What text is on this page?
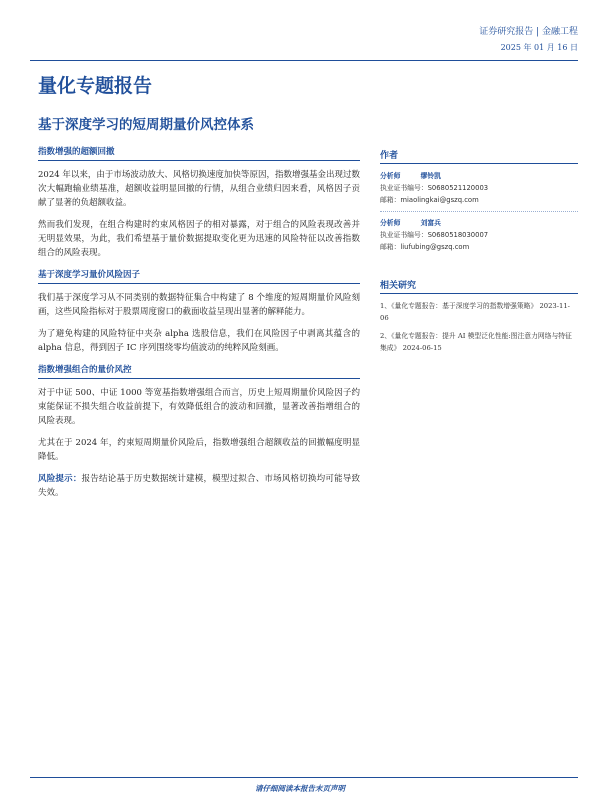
证券研究报告 | 金融工程
2025 年 01 月 16 日
量化专题报告
基于深度学习的短周期量价风控体系
指数增强的超额回撤

2024 年以来，由于市场波动放大、风格切换速度加快等原因，指数增强基金出现过数次大幅跑输业绩基准，超额收益明显回撤的行情，从组合业绩归因来看，风格因子贡献了显著的负超额收益。

然而我们发现，在组合构建时约束风格因子的相对暴露，对于组合的风险表现改善并无明显效果，为此，我们希望基于量价数据提取变化更为迅速的风险特征以改善指数组合的风险表现。

基于深度学习量价风险因子

我们基于深度学习从不同类别的数据特征集合中构建了 8 个维度的短周期量价风险刻画，这些风险指标对于股票周度窗口的截面收益呈现出显著的解释能力。

为了避免构建的风险特征中夹杂 alpha 选股信息，我们在风险因子中剥离其蕴含的 alpha 信息，得到因子 IC 序列围绕零均值波动的纯粹风险刻画。

指数增强组合的量价风控

对于中证 500、中证 1000 等宽基指数增强组合而言，历史上短周期量价风险因子约束能保证不损失组合收益前提下，有效降低组合的波动和回撤，显著改善指增组合的风险表现。

尤其在于 2024 年，约束短周期量价风险后，指数增强组合超额收益的回撤幅度明显降低。

风险提示：报告结论基于历史数据统计建模，模型过拟合、市场风格切换均可能导致失效。

作者
分析师	缪铃凯
执业证书编号：S0680521120003
邮箱：miaolingkai@gszq.com
分析师	刘富兵
执业证书编号：S0680518030007
邮箱：liufubing@gszq.com
相关研究
1、《量化专题报告：基于深度学习的指数增强策略》 2023-11-06
2、《量化专题报告：提升 AI 模型泛化性能:图注意力网络与特征集成》 2024-06-15
请仔细阅读本报告末页声明
